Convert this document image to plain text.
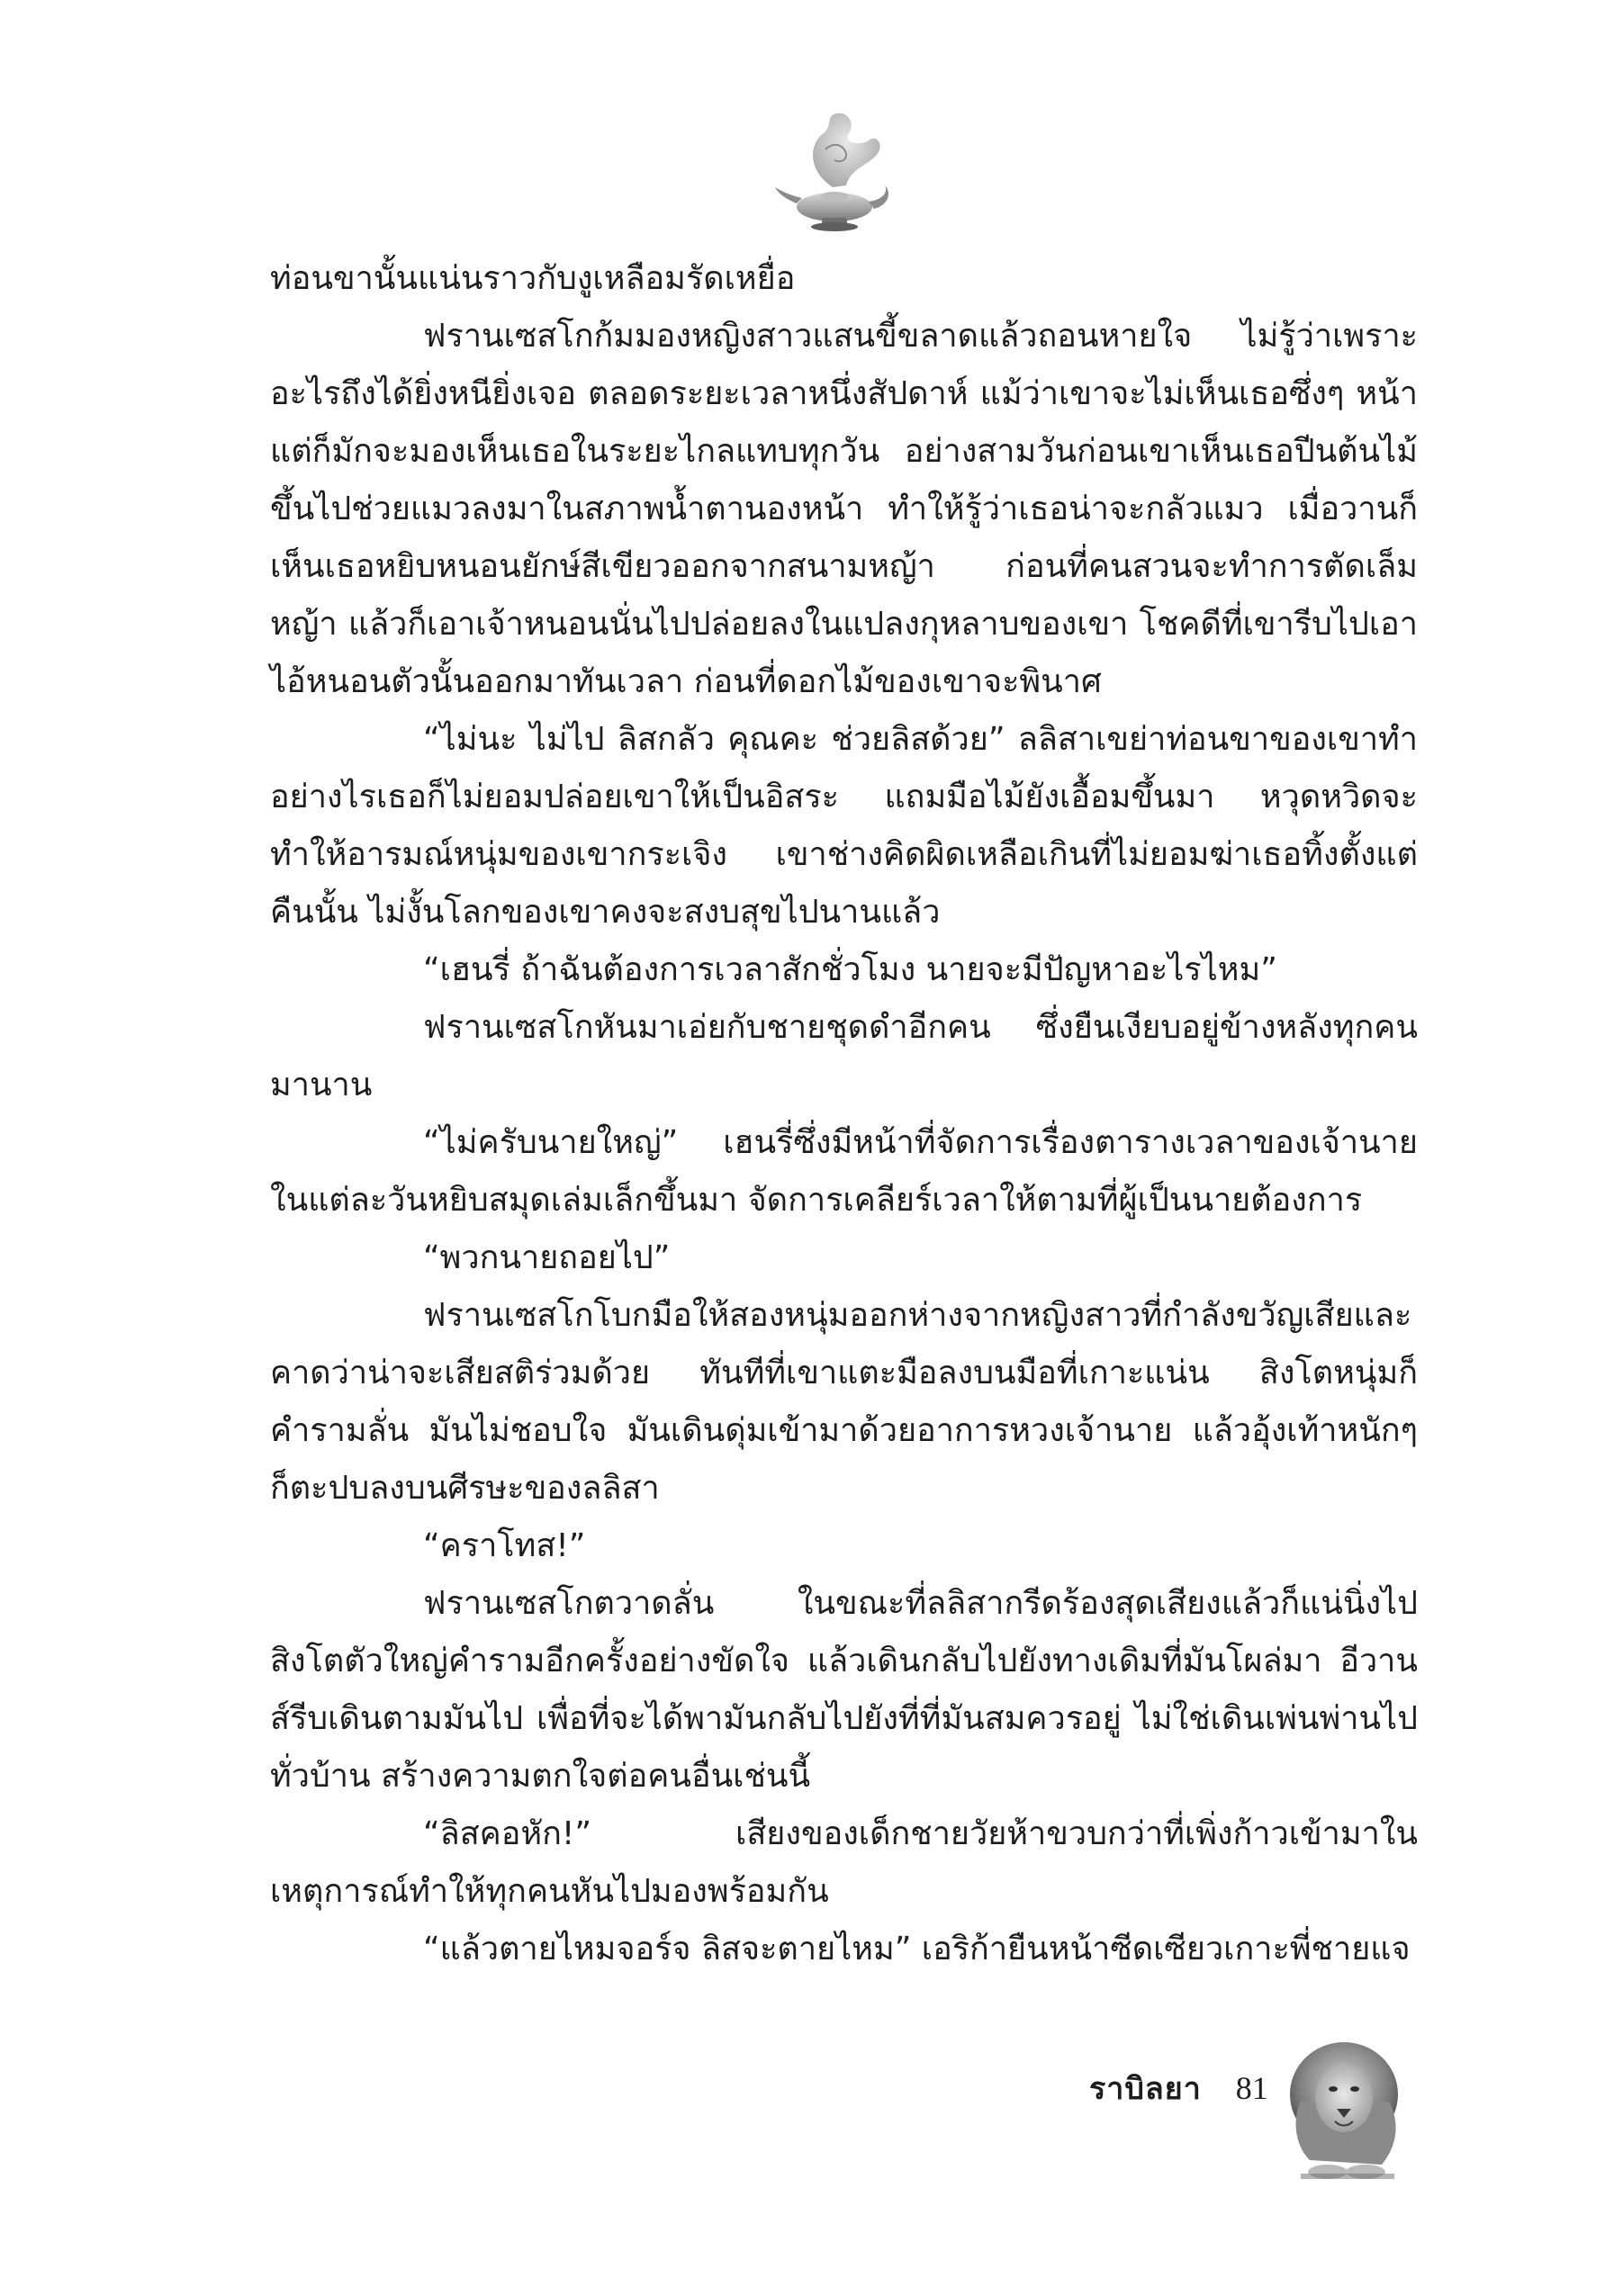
ท่อนขานั้นแน่นราวกับงูเหลือมรัดเหยื่อ

ฟรานเซสโกก้มมองหญิงสาวแสนขี้ขลาดแล้วถอนหายใจ ไม่รู้ว่าเพราะอะไรถึงได้ยิ่งหนียิ่งเจอ ตลอดระยะเวลาหนึ่งสัปดาห์ แม้ว่าเขาจะไม่เห็นเธอซึ่งๆ หน้า แต่ก็มักจะมองเห็นเธอในระยะไกลแทบทุกวัน อย่างสามวันก่อนเขาเห็นเธอปีนต้นไม้ขึ้นไปช่วยแมวลงมาในสภาพน้ำตานองหน้า ทำให้รู้ว่าเธอน่าจะกลัวแมว เมื่อวานก็เห็นเธอหยิบหนอนยักษ์สีเขียวออกจากสนามหญ้า ก่อนที่คนสวนจะทำการตัดเล็มหญ้า แล้วก็เอาเจ้าหนอนนั่นไปปล่อยลงในแปลงกุหลาบของเขา โชคดีที่เขารีบไปเอาไอ้หนอนตัวนั้นออกมาทันเวลา ก่อนที่ดอกไม้ของเขาจะพินาศ

“ไม่นะ ไม่ไป ลิสกลัว คุณคะ ช่วยลิสด้วย” ลลิสาเขย่าท่อนขาของเขาทำอย่างไรเธอก็ไม่ยอมปล่อยเขาให้เป็นอิสระ แถมมือไม้ยังเอื้อมขึ้นมา หวุดหวิดจะทำให้อารมณ์หนุ่มของเขากระเจิง เขาช่างคิดผิดเหลือเกินที่ไม่ยอมฆ่าเธอทิ้งตั้งแต่คืนนั้น ไม่งั้นโลกของเขาคงจะสงบสุขไปนานแล้ว

“เฮนรี่ ถ้าฉันต้องการเวลาสักชั่วโมง นายจะมีปัญหาอะไรไหม”

ฟรานเซสโกหันมาเอ่ยกับชายชุดดำอีกคน ซึ่งยืนเงียบอยู่ข้างหลังทุกคนมานาน

“ไม่ครับนายใหญ่” เฮนรี่ซึ่งมีหน้าที่จัดการเรื่องตารางเวลาของเจ้านายในแต่ละวันหยิบสมุดเล่มเล็กขึ้นมา จัดการเคลียร์เวลาให้ตามที่ผู้เป็นนายต้องการ

“พวกนายถอยไป”

ฟรานเซสโกโบกมือให้สองหนุ่มออกห่างจากหญิงสาวที่กำลังขวัญเสียและคาดว่าน่าจะเสียสติร่วมด้วย ทันทีที่เขาแตะมือลงบนมือที่เกาะแน่น สิงโตหนุ่มก็คำรามลั่น มันไม่ชอบใจ มันเดินดุ่มเข้ามาด้วยอาการหวงเจ้านาย แล้วอุ้งเท้าหนักๆ ก็ตะปบลงบนศีรษะของลลิสา

“คราโทส!”

ฟรานเซสโกตวาดลั่น ในขณะที่ลลิสากรีดร้องสุดเสียงแล้วก็แน่นิ่งไปสิงโตตัวใหญ่คำรามอีกครั้งอย่างขัดใจ แล้วเดินกลับไปยังทางเดิมที่มันโผล่มา อีวานส์รีบเดินตามมันไป เพื่อที่จะได้พามันกลับไปยังที่ที่มันสมควรอยู่ ไม่ใช่เดินเพ่นพ่านไปทั่วบ้าน สร้างความตกใจต่อคนอื่นเช่นนี้

“ลิสคอหัก!” เสียงของเด็กชายวัยห้าขวบกว่าที่เพิ่งก้าวเข้ามาในเหตุการณ์ทำให้ทุกคนหันไปมองพร้อมกัน

“แล้วตายไหมจอร์จ ลิสจะตายไหม” เอริก้ายืนหน้าซีดเซียวเกาะพี่ชายแจ

ราบิลยา 81
